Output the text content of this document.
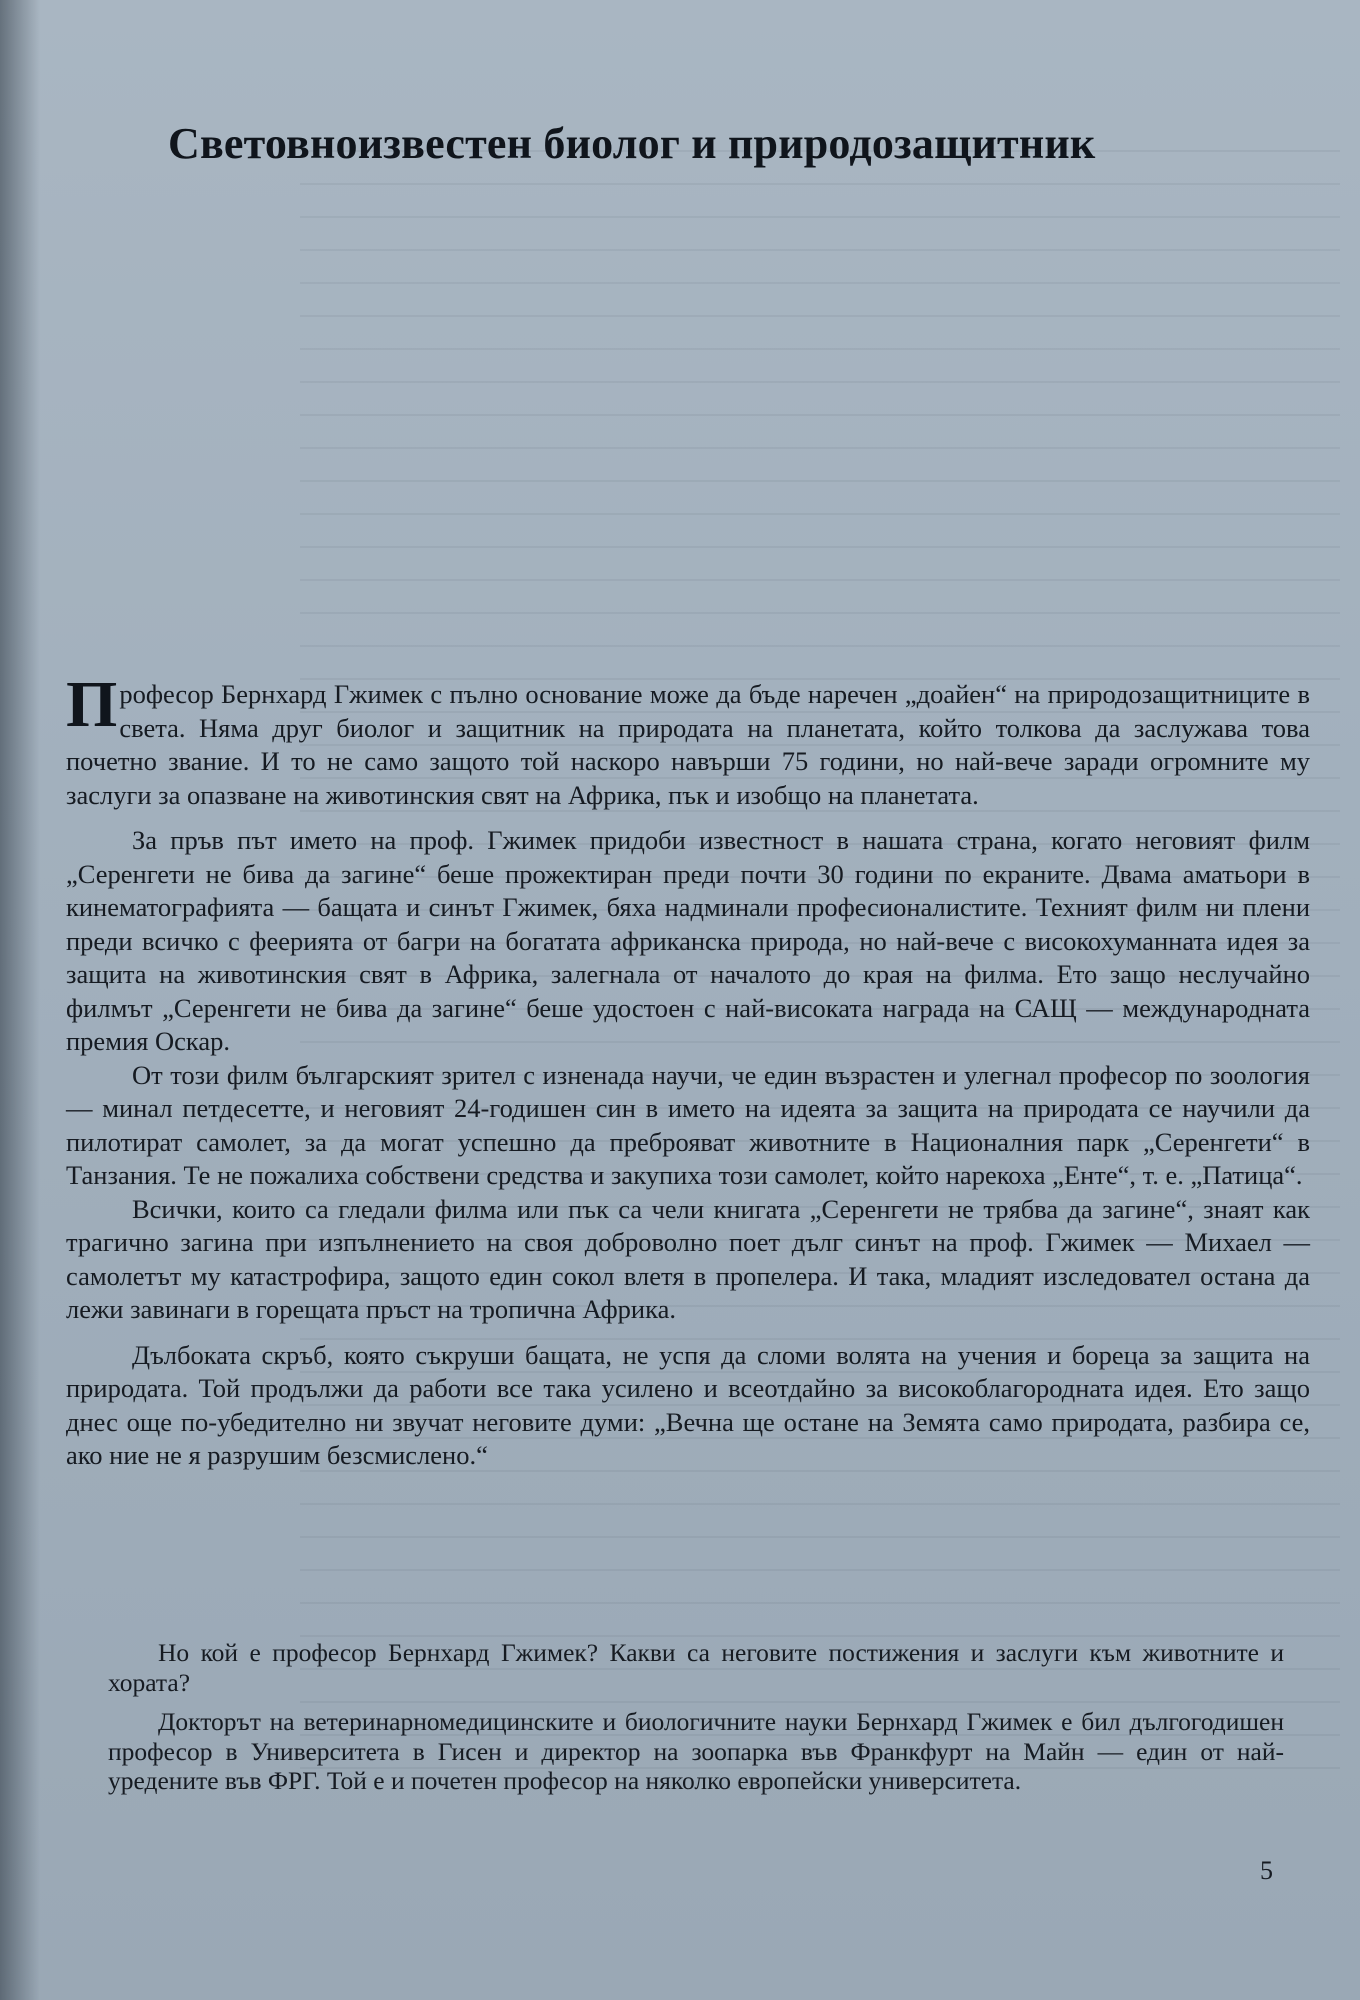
Световноизвестен биолог и природозащитник

Професор Бернхард Гжимек с пълно основание може да бъде наречен „доайен“ на природозащитниците в света. Няма друг биолог и защитник на природата на планетата, който толкова да заслужава това почетно звание. И то не само защото той наскоро навърши 75 години, но най-вече заради огромните му заслуги за опазване на животинския свят на Африка, пък и изобщо на планетата.

За пръв път името на проф. Гжимек придоби известност в нашата страна, когато неговият филм „Серенгети не бива да загине“ беше прожектиран преди почти 30 години по екраните. Двама аматьори в кинематографията — бащата и синът Гжимек, бяха надминали професионалистите. Техният филм ни плени преди всичко с феерията от багри на богатата африканска природа, но най-вече с високохуманната идея за защита на животинския свят в Африка, залегнала от началото до края на филма. Ето защо неслучайно филмът „Серенгети не бива да загине“ беше удостоен с най-високата награда на САЩ — международната премия Оскар.

От този филм българският зрител с изненада научи, че един възрастен и улегнал професор по зоология — минал петдесетте, и неговият 24-годишен син в името на идеята за защита на природата се научили да пилотират самолет, за да могат успешно да преброяват животните в Националния парк „Серенгети“ в Танзания. Те не пожалиха собствени средства и закупиха този самолет, който нарекоха „Енте“, т. е. „Патица“.

Всички, които са гледали филма или пък са чели книгата „Серенгети не трябва да загине“, знаят как трагично загина при изпълнението на своя доброволно поет дълг синът на проф. Гжимек — Михаел — самолетът му катастрофира, защото един сокол влетя в пропелера. И така, младият изследовател остана да лежи завинаги в горещата пръст на тропична Африка.

Дълбоката скръб, която съкруши бащата, не успя да сломи волята на учения и бореца за защита на природата. Той продължи да работи все така усилено и всеотдайно за високоблагородната идея. Ето защо днес още по-убедително ни звучат неговите думи: „Вечна ще остане на Земята само природата, разбира се, ако ние не я разрушим безсмислено.“

Но кой е професор Бернхард Гжимек? Какви са неговите постижения и заслуги към животните и хората?

Докторът на ветеринарномедицинските и биологичните науки Бернхард Гжимек е бил дългогодишен професор в Университета в Гисен и директор на зоопарка във Франкфурт на Майн — един от най-уредените във ФРГ. Той е и почетен професор на няколко европейски университета.

5
